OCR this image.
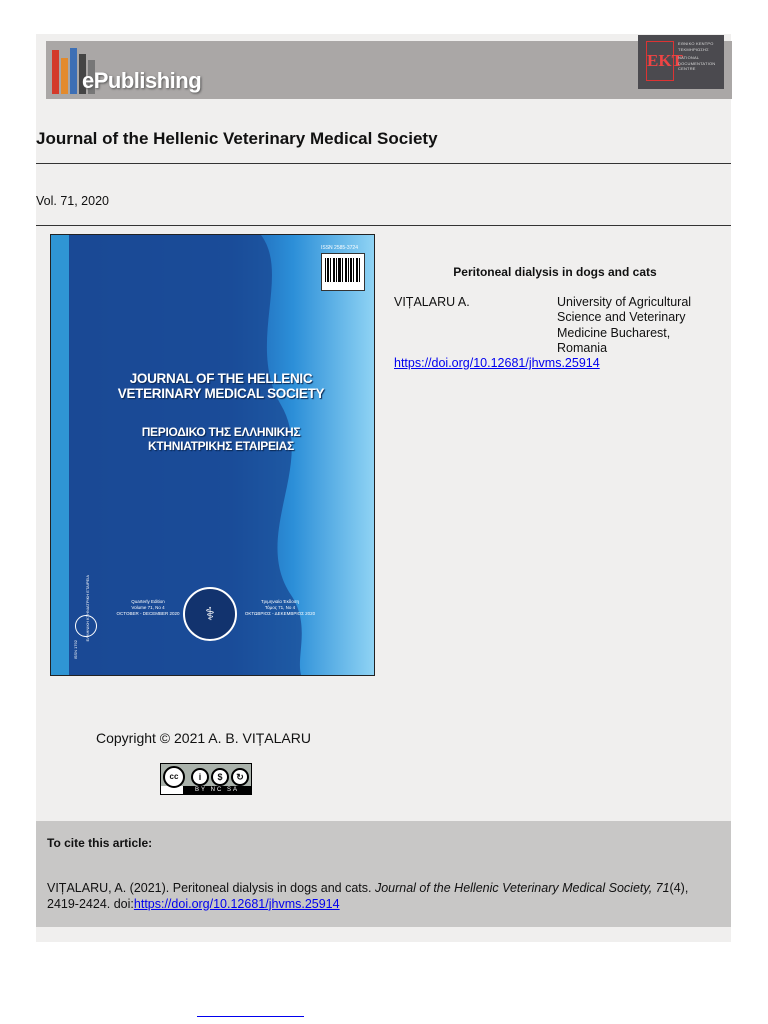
ePublishing
EKT
ΕΘΝΙΚΟ ΚΕΝΤΡΟ ΤΕΚΜΗΡΙΩΣΗΣ
NATIONAL DOCUMENTATION CENTRE
Journal of the Hellenic Veterinary Medical Society
Vol. 71, 2020
ISSN 2585-3724
JOURNAL OF THE HELLENIC
VETERINARY MEDICAL SOCIETY
ΠΕΡΙΟΔΙΚΟ ΤΗΣ ΕΛΛΗΝΙΚΗΣ
ΚΤΗΝΙΑΤΡΙΚΗΣ ΕΤΑΙΡΕΙΑΣ
Quarterly Edition
Volume 71, No 4
OCTOBER - DECEMBER 2020	⚕
Τριμηνιαία Έκδοση
Τόμος 71, Νο 4
ΟΚΤΩΒΡΙΟΣ - ΔΕΚΕΜΒΡΙΟΣ 2020
ΕΛΛΗΝΙΚΗ ΚΤΗΝΙΑΤΡΙΚΗ ΕΤΑΙΡΕΙΑ
ISSN 1792
Peritoneal dialysis in dogs and cats
VIȚALARU A.	University of Agricultural Science and Veterinary Medicine Bucharest, Romania
https://doi.org/10.12681/jhvms.25914
Copyright © 2021 A. B. VIȚALARU
cc	i	$	↻
BY NC SA
To cite this article:
VIȚALARU, A. (2021). Peritoneal dialysis in dogs and cats. Journal of the Hellenic Veterinary Medical Society, 71(4), 2419-2424. doi:https://doi.org/10.12681/jhvms.25914
